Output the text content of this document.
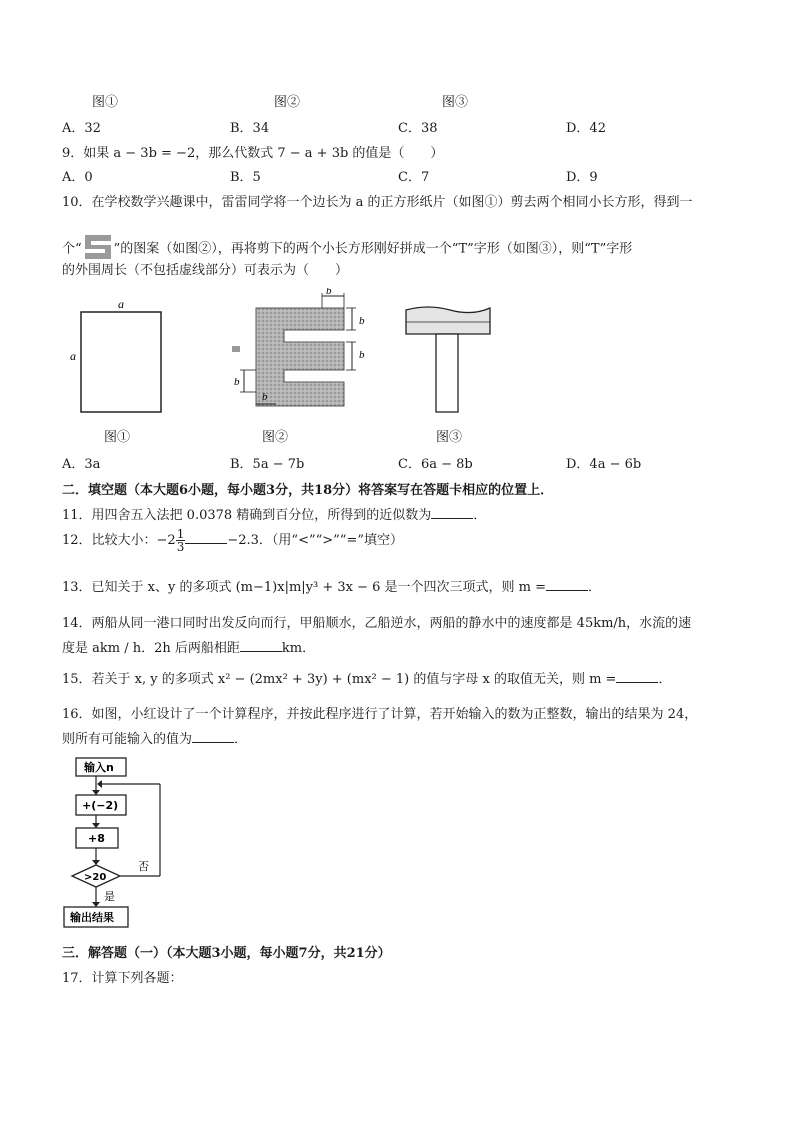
图①	图②	图③
A．32	B．34	C．38	D．42
9．如果 a − 3b = −2，那么代数式 7 − a + 3b 的值是（　　）
A．0	B．5	C．7	D．9
10．在学校数学兴趣课中，雷雷同学将一个边长为 a 的正方形纸片（如图①）剪去两个相同小长方形，得到一
个“ ”的图案（如图②），再将剪下的两个小长方形刚好拼成一个“T”字形（如图③），则“T”字形
的外围周长（不包括虚线部分）可表示为（　　）
a
a
b
b
b
b
b
图①	图②	图③
A．3a	B．5a − 7b	C．6a − 8b	D．4a − 6b
二．填空题（本大题6小题，每小题3分，共18分）将答案写在答题卡相应的位置上．
11．用四舍五入法把 0.0378 精确到百分位，所得到的近似数为	．
12．比较大小：$-2 \frac{1}{3}$	−2.3．（用“<”“>”“=”填空）
13．已知关于 x、y 的多项式 (m−1)x|m|y³ + 3x − 6 是一个四次三项式，则 m =	．
14．两船从同一港口同时出发反向而行，甲船顺水，乙船逆水，两船的静水中的速度都是 45km/h，水流的速
度是 akm / h．2h 后两船相距	km．
15．若关于 x, y 的多项式 x² − (2mx² + 3y) + (mx² − 1) 的值与字母 x 的取值无关，则 m =	．
16．如图，小红设计了一个计算程序，并按此程序进行了计算，若开始输入的数为正整数，输出的结果为 24，
则所有可能输入的值为	．
输入n
+(−2)
+8
>20
否
是
输出结果
三．解答题（一）（本大题3小题，每小题7分，共21分）
17．计算下列各题：
